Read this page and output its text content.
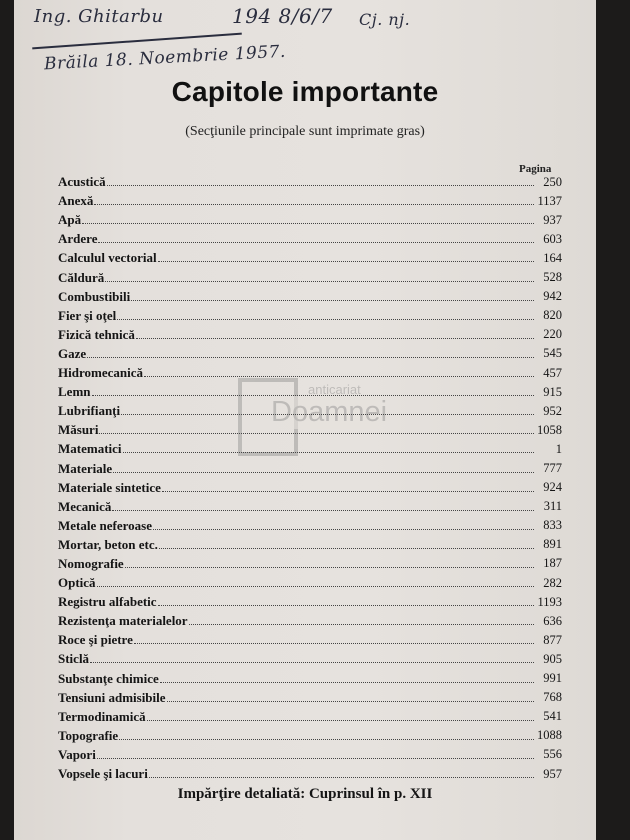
Ing. Ghitarbu	194 8/6/7 Cj. nj.
Brăila 18. Noembrie 1957.
anticariat
Doamnei
Capitole importante
(Secţiunile principale sunt imprimate gras)
Pagina
Acustică	250
Anexă	1137
Apă	937
Ardere	603
Calculul vectorial	164
Căldură	528
Combustibili	942
Fier şi oţel	820
Fizică tehnică	220
Gaze	545
Hidromecanică	457
Lemn	915
Lubrifianţi	952
Măsuri	1058
Matematici	1
Materiale	777
Materiale sintetice	924
Mecanică	311
Metale neferoase	833
Mortar, beton etc.	891
Nomografie	187
Optică	282
Registru alfabetic	1193
Rezistenţa materialelor	636
Roce şi pietre	877
Sticlă	905
Substanţe chimice	991
Tensiuni admisibile	768
Termodinamică	541
Topografie	1088
Vapori	556
Vopsele şi lacuri	957
Impărţire detaliată: Cuprinsul în p. XII
